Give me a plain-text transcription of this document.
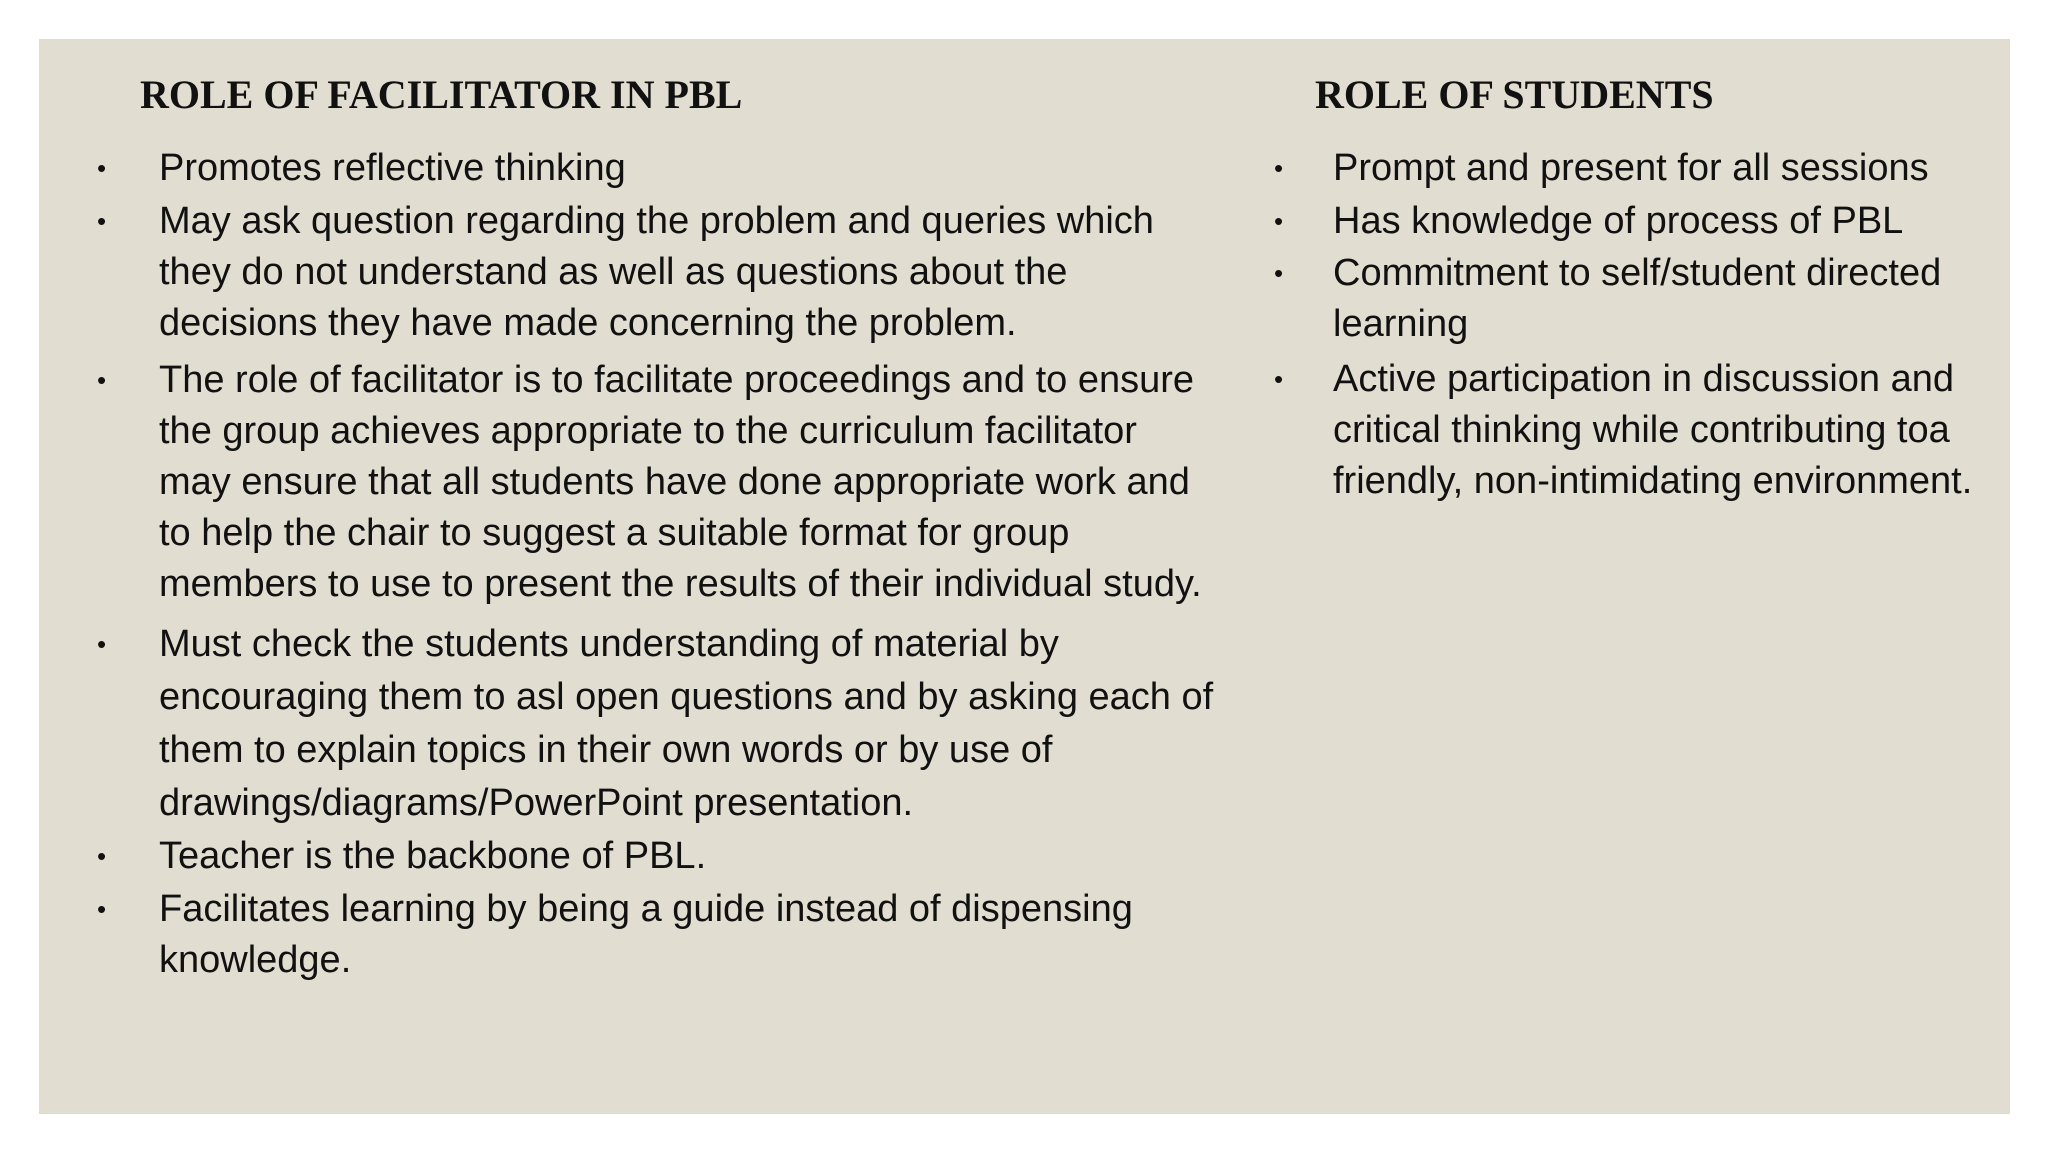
ROLE OF FACILITATOR IN PBL
• Promotes reflective thinking
• May ask question regarding the problem and queries which they do not understand as well as questions about the decisions they have made concerning the problem.
• The role of facilitator is to facilitate proceedings and to ensure the group achieves appropriate to the curriculum facilitator may ensure that all students have done appropriate work and to help the chair to suggest a suitable format for group members to use to present the results of their individual study.
• Must check the students understanding of material by encouraging them to asl open questions and by asking each of them to explain topics in their own words or by use of drawings/diagrams/PowerPoint presentation.
• Teacher is the backbone of PBL.
• Facilitates learning by being a guide instead of dispensing knowledge.
ROLE OF STUDENTS
• Prompt and present for all sessions
• Has knowledge of process of PBL
• Commitment to self/student directed learning
• Active participation in discussion and critical thinking while contributing toa friendly, non-intimidating environment.
